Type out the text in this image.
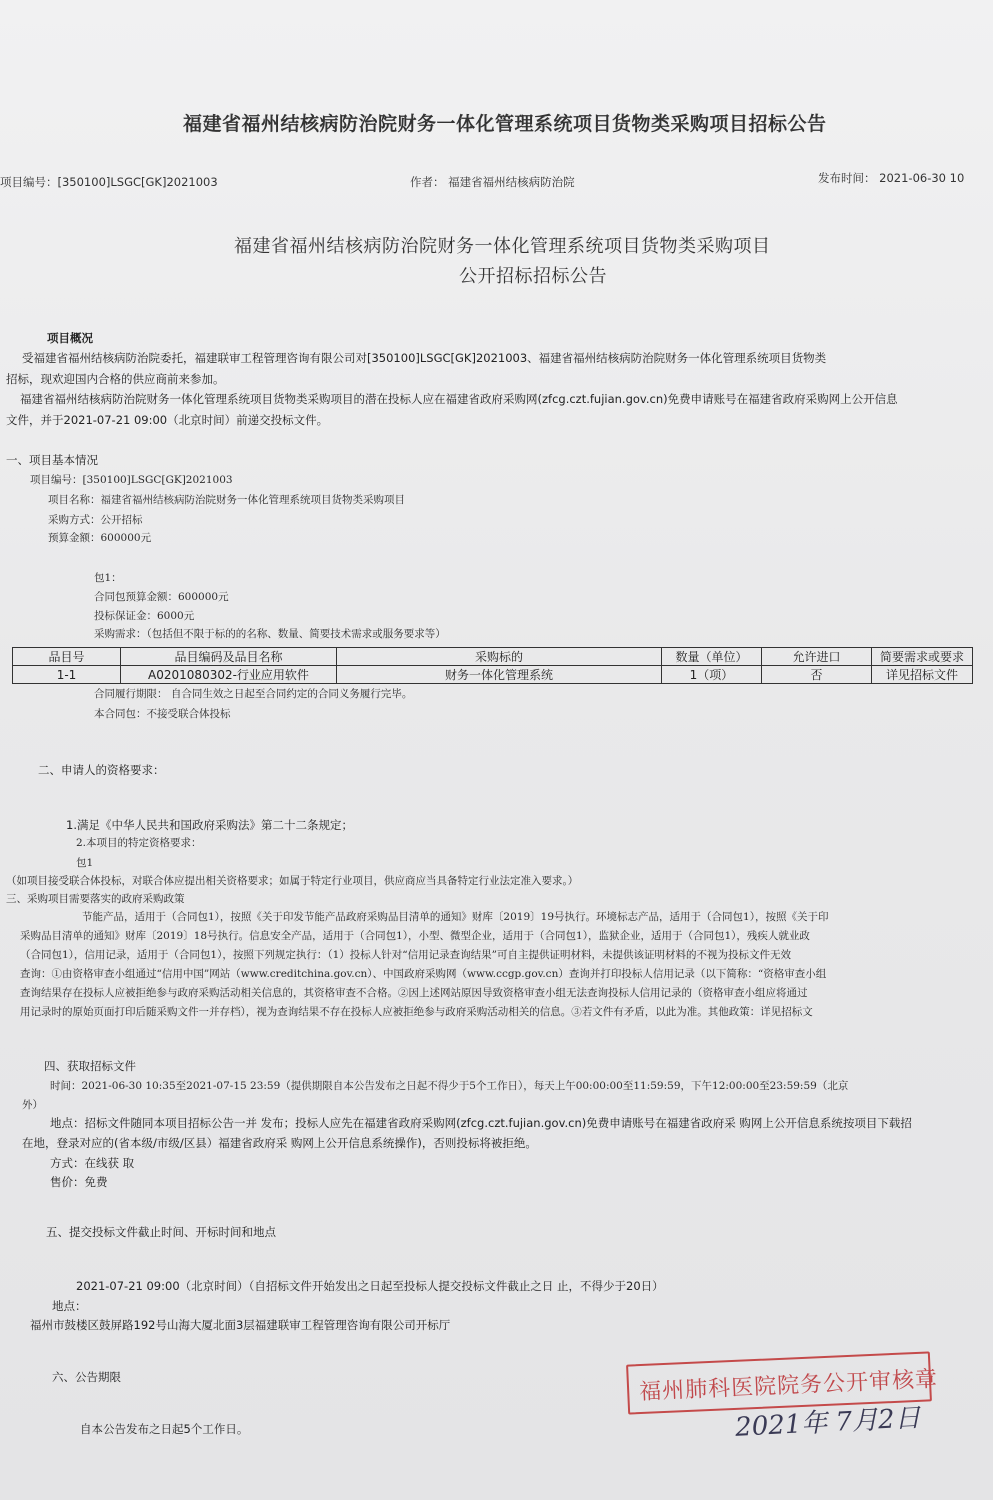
福建省福州结核病防治院财务一体化管理系统项目货物类采购项目招标公告
项目编号：[350100]LSGC[GK]2021003	作者： 福建省福州结核病防治院	发布时间： 2021-06-30 10
福建省福州结核病防治院财务一体化管理系统项目货物类采购项目
公开招标招标公告
项目概况
受福建省福州结核病防治院委托，福建联审工程管理咨询有限公司对[350100]LSGC[GK]2021003、福建省福州结核病防治院财务一体化管理系统项目货物类
招标，现欢迎国内合格的供应商前来参加。
福建省福州结核病防治院财务一体化管理系统项目货物类采购项目的潜在投标人应在福建省政府采购网(zfcg.czt.fujian.gov.cn)免费申请账号在福建省政府采购网上公开信息
文件，并于2021-07-21 09:00（北京时间）前递交投标文件。
一、项目基本情况
项目编号：[350100]LSGC[GK]2021003
项目名称：福建省福州结核病防治院财务一体化管理系统项目货物类采购项目
采购方式：公开招标
预算金额：600000元
包1：
合同包预算金额：600000元
投标保证金：6000元
采购需求：（包括但不限于标的的名称、数量、简要技术需求或服务要求等）
品目号	品目编码及品目名称	采购标的	数量（单位）	允许进口	简要需求或要求
1-1	A0201080302-行业应用软件	财务一体化管理系统	1（项）	否	详见招标文件
合同履行期限： 自合同生效之日起至合同约定的合同义务履行完毕。
本合同包：不接受联合体投标
二、申请人的资格要求：
1.满足《中华人民共和国政府采购法》第二十二条规定；
2.本项目的特定资格要求：
包1
（如项目接受联合体投标，对联合体应提出相关资格要求；如属于特定行业项目，供应商应当具备特定行业法定准入要求。）
三、采购项目需要落实的政府采购政策
节能产品，适用于（合同包1），按照《关于印发节能产品政府采购品目清单的通知》财库〔2019〕19号执行。环境标志产品，适用于（合同包1），按照《关于印
采购品目清单的通知》财库〔2019〕18号执行。信息安全产品，适用于（合同包1），小型、微型企业，适用于（合同包1），监狱企业，适用于（合同包1），残疾人就业政
（合同包1），信用记录，适用于（合同包1），按照下列规定执行：（1）投标人针对“信用记录查询结果”可自主提供证明材料，未提供该证明材料的不视为投标文件无效
查询：①由资格审查小组通过“信用中国”网站（www.creditchina.gov.cn）、中国政府采购网（www.ccgp.gov.cn）查询并打印投标人信用记录（以下简称：“资格审查小组
查询结果存在投标人应被拒绝参与政府采购活动相关信息的，其资格审查不合格。②因上述网站原因导致资格审查小组无法查询投标人信用记录的（资格审查小组应将通过
用记录时的原始页面打印后随采购文件一并存档），视为查询结果不存在投标人应被拒绝参与政府采购活动相关的信息。③若文件有矛盾，以此为准。其他政策：详见招标文
四、获取招标文件
时间：2021-06-30 10:35至2021-07-15 23:59（提供期限自本公告发布之日起不得少于5个工作日），每天上午00:00:00至11:59:59，下午12:00:00至23:59:59（北京
外）
地点：招标文件随同本项目招标公告一并 发布；投标人应先在福建省政府采购网(zfcg.czt.fujian.gov.cn)免费申请账号在福建省政府采 购网上公开信息系统按项目下载招
在地，登录对应的(省本级/市级/区县）福建省政府采 购网上公开信息系统操作)，否则投标将被拒绝。
方式：在线获 取
售价：免费
五、提交投标文件截止时间、开标时间和地点
2021-07-21 09:00（北京时间）（自招标文件开始发出之日起至投标人提交投标文件截止之日 止，不得少于20日）
地点：
福州市鼓楼区鼓屏路192号山海大厦北面3层福建联审工程管理咨询有限公司开标厅
六、公告期限
自本公告发布之日起5个工作日。
福州肺科医院院务公开审核章
2021年 7月2日
